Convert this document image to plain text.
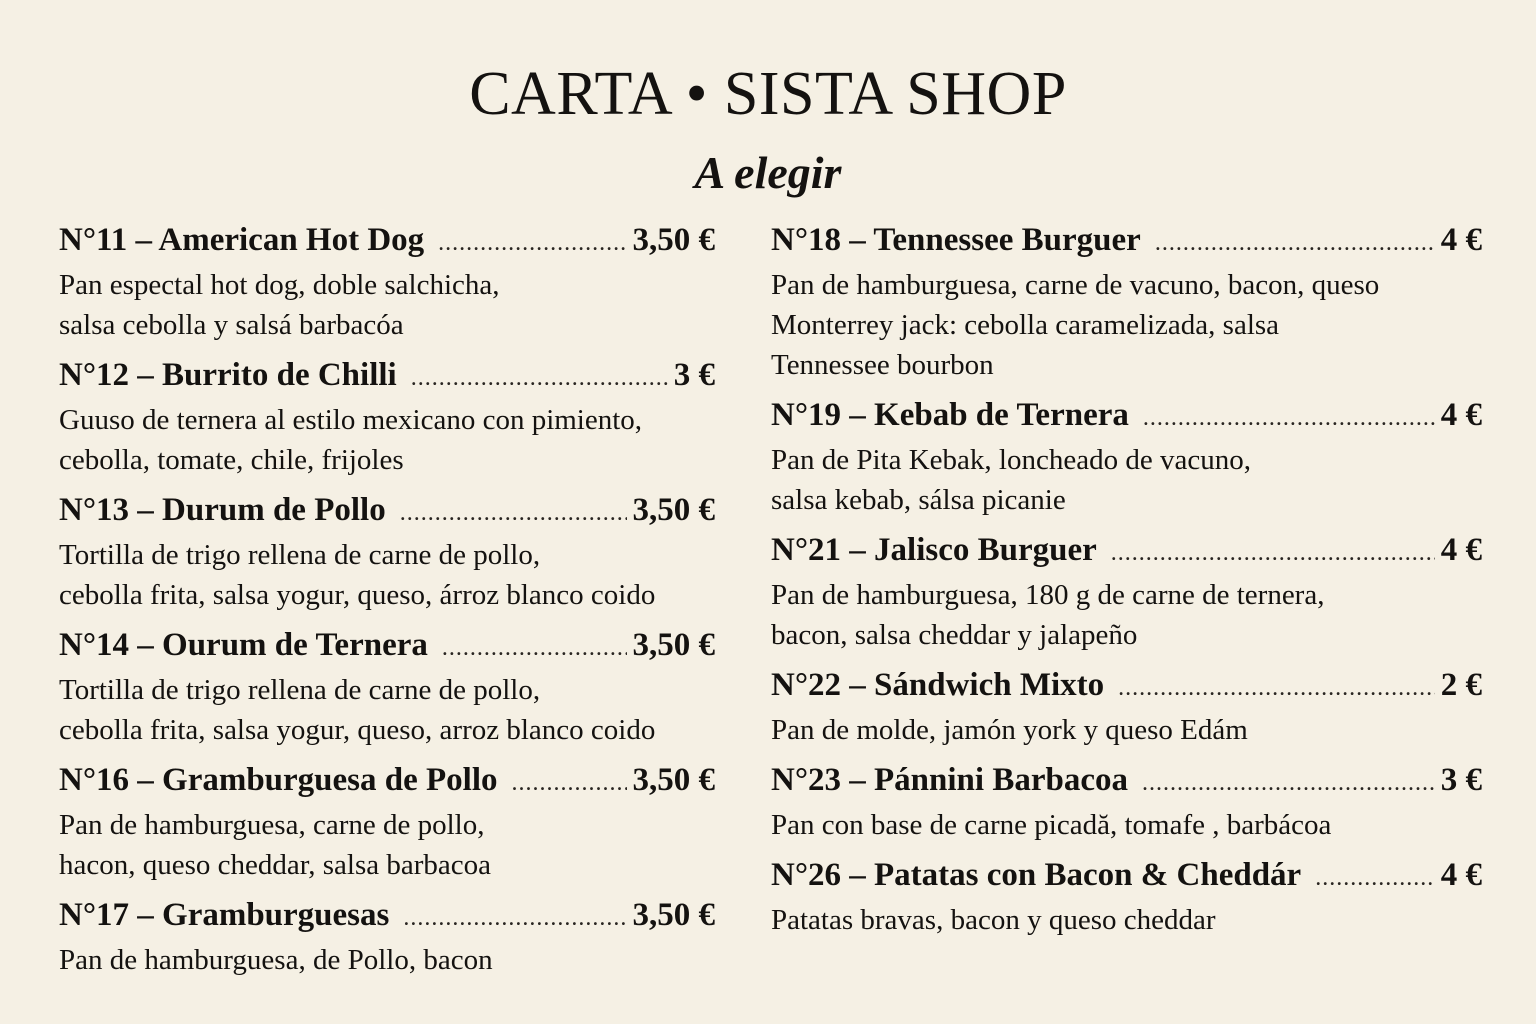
CARTA • SISTA SHOP
A elegir
N°11 – American Hot Dog .....	3,50 €
Pan espectal hot dog, doble salchicha,
salsa cebolla y salsá barbacóa
N°12 – Burrito de Chilli .....	3 €
Guuso de ternera al estilo mexicano con pimiento,
cebolla, tomate, chile, frijoles
N°13 – Durum de Pollo .....	3,50 €
Tortilla de trigo rellena de carne de pollo,
cebolla frita, salsa yogur, queso, árroz blanco coido
N°14 – Ourum de Ternera .....	3,50 €
Tortilla de trigo rellena de carne de pollo,
cebolla frita, salsa yogur, queso, arroz blanco coido
N°16 – Gramburguesa de Pollo .....	3,50 €
Pan de hamburguesa, carne de pollo,
hacon, queso cheddar, salsa barbacoa
N°17 – Gramburguesas .....	3,50 €
Pan de hamburguesa, de Pollo, bacon
N°18 – Tennessee Burguer .....	4 €
Pan de hamburguesa, carne de vacuno, bacon, queso
Monterrey jack: cebolla caramelizada, salsa
Tennessee bourbon
N°19 – Kebab de Ternera .....	4 €
Pan de Pita Kebak, loncheado de vacuno,
salsa kebab, sálsa picanie
N°21 – Jalisco Burguer .....	4 €
Pan de hamburguesa, 180 g de carne de ternera,
bacon, salsa cheddar y jalapeño
N°22 – Sándwich Mixto .....	2 €
Pan de molde, jamón york y queso Edám
N°23 – Pánnini Barbacoa .....	3 €
Pan con base de carne picadă, tomafe , barbácoa
N°26 – Patatas con Bacon & Cheddár .....	4 €
Patatas bravas, bacon y queso cheddar
